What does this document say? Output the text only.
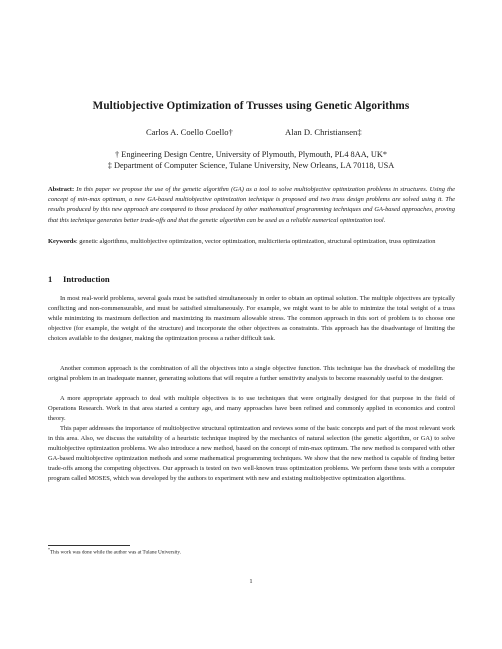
Multiobjective Optimization of Trusses using Genetic Algorithms
Carlos A. Coello Coello†	Alan D. Christiansen‡
† Engineering Design Centre, University of Plymouth, Plymouth, PL4 8AA, UK*
‡ Department of Computer Science, Tulane University, New Orleans, LA 70118, USA
Abstract: In this paper we propose the use of the genetic algorithm (GA) as a tool to solve multiobjective optimization problems in structures. Using the concept of min-max optimum, a new GA-based multiobjective optimization technique is proposed and two truss design problems are solved using it. The results produced by this new approach are compared to those produced by other mathematical programming techniques and GA-based approaches, proving that this technique generates better trade-offs and that the genetic algorithm can be used as a reliable numerical optimization tool.
Keywords: genetic algorithms, multiobjective optimization, vector optimization, multicriteria optimization, structural optimization, truss optimization
1 Introduction
In most real-world problems, several goals must be satisfied simultaneously in order to obtain an optimal solution. The multiple objectives are typically conflicting and non-commensurable, and must be satisfied simultaneously. For example, we might want to be able to minimize the total weight of a truss while minimizing its maximum deflection and maximizing its maximum allowable stress. The common approach in this sort of problem is to choose one objective (for example, the weight of the structure) and incorporate the other objectives as constraints. This approach has the disadvantage of limiting the choices available to the designer, making the optimization process a rather difficult task.
Another common approach is the combination of all the objectives into a single objective function. This technique has the drawback of modelling the original problem in an inadequate manner, generating solutions that will require a further sensitivity analysis to become reasonably useful to the designer.
A more appropriate approach to deal with multiple objectives is to use techniques that were originally designed for that purpose in the field of Operations Research. Work in that area started a century ago, and many approaches have been refined and commonly applied in economics and control theory.
This paper addresses the importance of multiobjective structural optimization and reviews some of the basic concepts and part of the most relevant work in this area. Also, we discuss the suitability of a heuristic technique inspired by the mechanics of natural selection (the genetic algorithm, or GA) to solve multiobjective optimization problems. We also introduce a new method, based on the concept of min-max optimum. The new method is compared with other GA-based multiobjective optimization methods and some mathematical programming techniques. We show that the new method is capable of finding better trade-offs among the competing objectives. Our approach is tested on two well-known truss optimization problems. We perform these tests with a computer program called MOSES, which was developed by the authors to experiment with new and existing multiobjective optimization algorithms.
*This work was done while the author was at Tulane University.
1
